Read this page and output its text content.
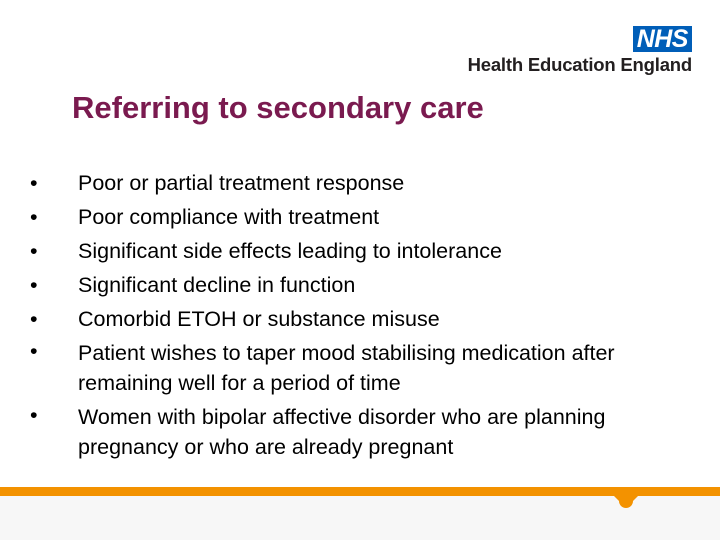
NHS
Health Education England
Referring to secondary care
• Poor or partial treatment response
• Poor compliance with treatment
• Significant side effects leading to intolerance
• Significant decline in function
• Comorbid ETOH or substance misuse
• Patient wishes to taper mood stabilising medication after remaining well for a period of time
• Women with bipolar affective disorder who are planning pregnancy or who are already pregnant
